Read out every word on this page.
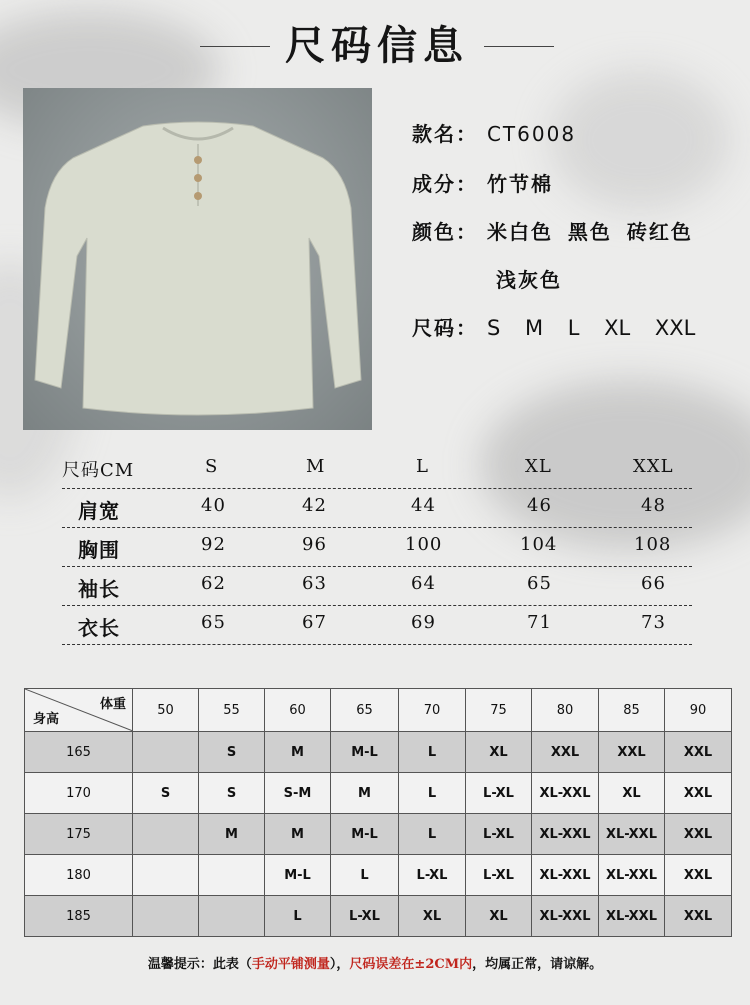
尺码信息
款名： CT6008
成分： 竹节棉
颜色： 米白色 黑色 砖红色
浅灰色
尺码： S M L XL XXL
尺码CM	S	M	L	XL	XXL
肩宽	40	42	44	46	48
胸围	92	96	100	104	108
袖长	62	63	64	65	66
衣长	65	67	69	71	73
体重
身高	50	55	60	65	70	75	80	85	90
165		S	M	M-L	L	XL	XXL	XXL	XXL
170	S	S	S-M	M	L	L-XL	XL-XXL	XL	XXL
175		M	M	M-L	L	L-XL	XL-XXL	XL-XXL	XXL
180			M-L	L	L-XL	L-XL	XL-XXL	XL-XXL	XXL
185			L	L-XL	XL	XL	XL-XXL	XL-XXL	XXL
温馨提示：此表（手动平铺测量），尺码误差在±2CM内，均属正常，请谅解。
